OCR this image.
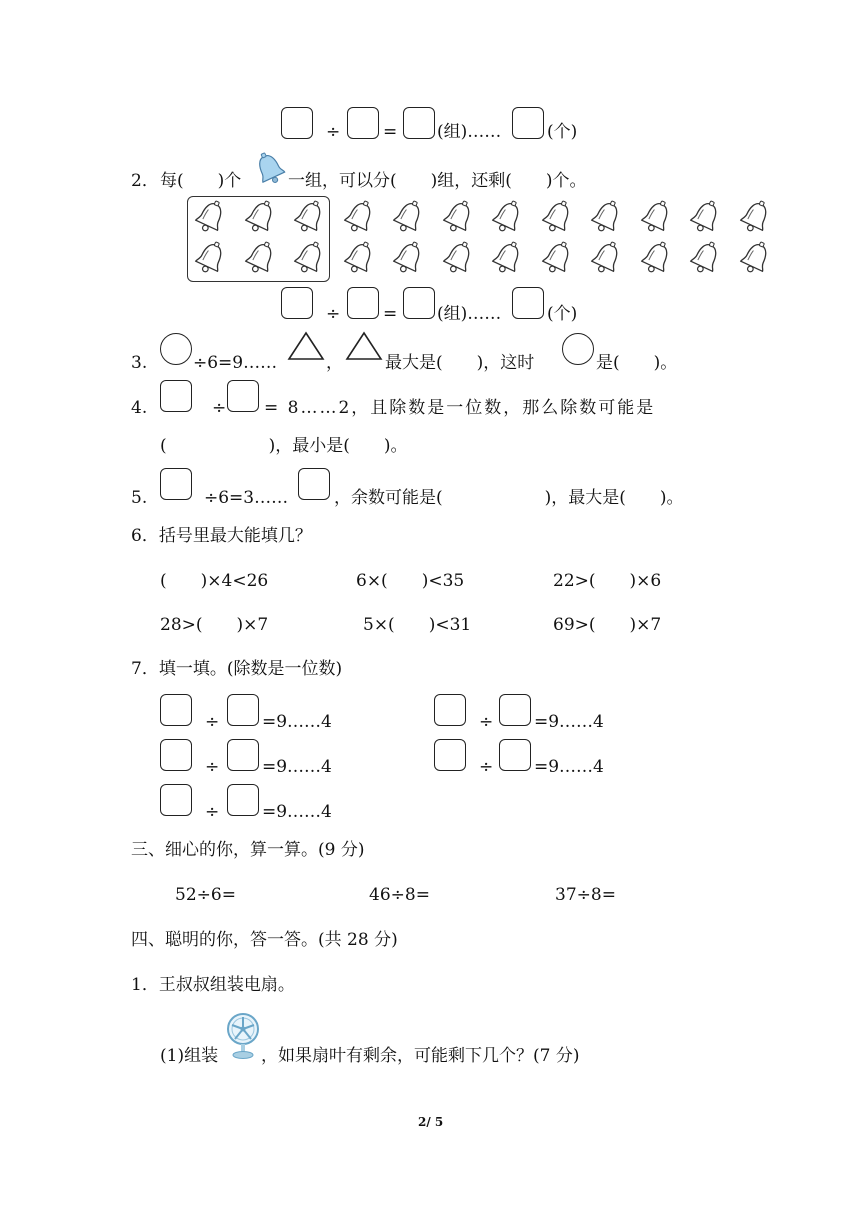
÷	= (组)……	(个)
2． 每(　　)个	一组，可以分(　　)组，还剩(　　)个。
÷	= (组)……	(个)
3.	÷6=9……	， 最大是(　　)，这时	是(　　)。
4.	÷ = 8……2，且除数是一位数，那么除数可能是
(　　　　　　)，最小是(　　)。
5.	÷6=3……	，余数可能是(　　　　　　)，最大是(　　)。
6．括号里最大能填几？
(　　)×4<26	6×(　　)<35	22>(　　)×6
28>(　　)×7	5×(　　)<31	69>(　　)×7
7．填一填。(除数是一位数)
÷	=9……4	÷ =9……4
÷	=9……4	÷ =9……4
÷	=9……4
三、细心的你，算一算。(9 分)
52÷6=	46÷8=	37÷8=
四、聪明的你，答一答。(共 28 分)
1．王叔叔组装电扇。
(1)组装	，如果扇叶有剩余，可能剩下几个？(7 分)
2/ 5
